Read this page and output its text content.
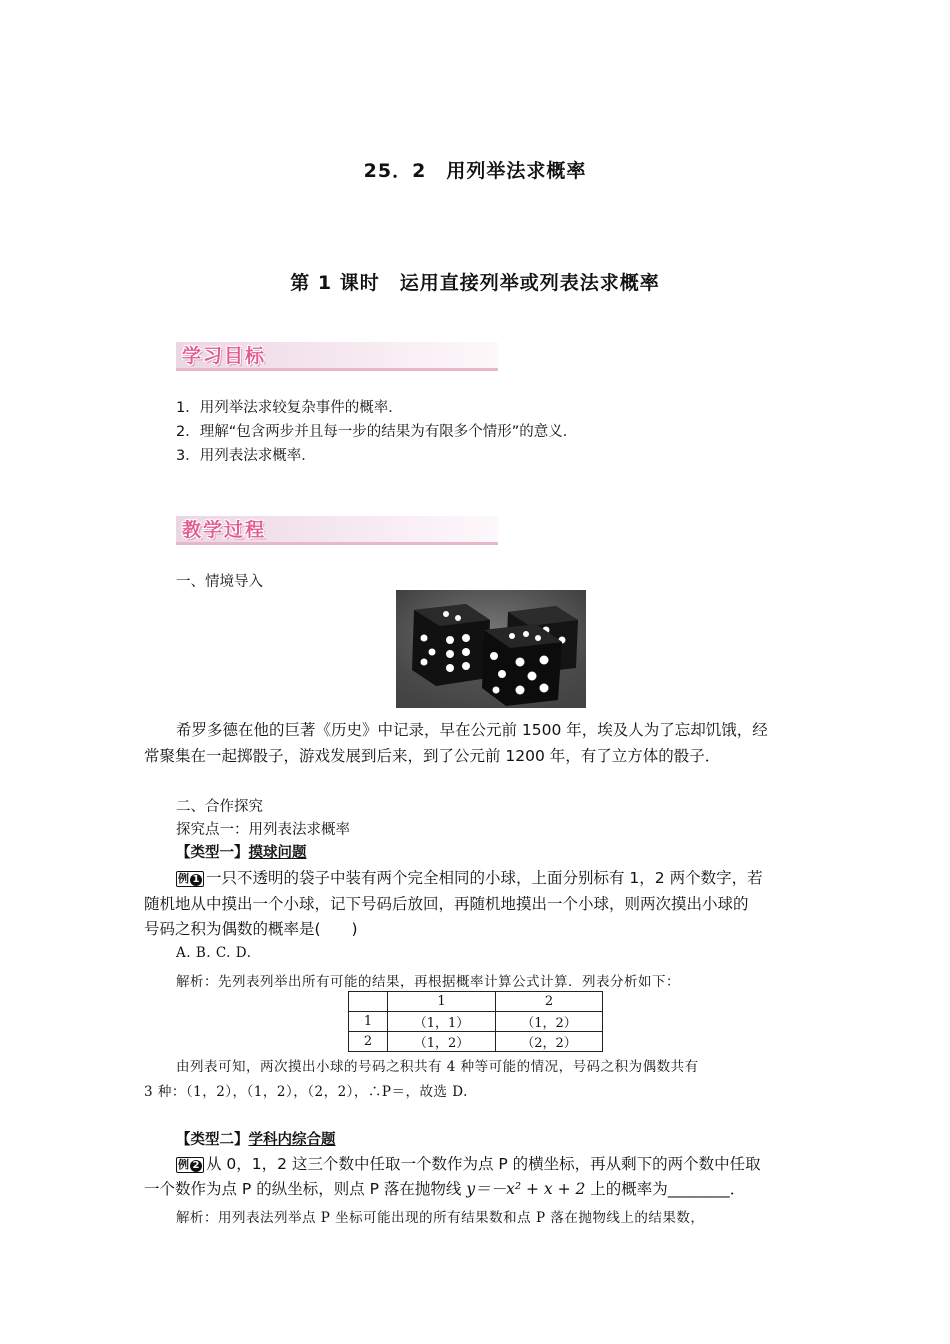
25．2　用列举法求概率
第 1 课时　运用直接列举或列表法求概率
学习目标
1．用列举法求较复杂事件的概率．
2．理解“包含两步并且每一步的结果为有限多个情形”的意义．
3．用列表法求概率．
教学过程
一、情境导入
希罗多德在他的巨著《历史》中记录，早在公元前 1500 年，埃及人为了忘却饥饿，经
常聚集在一起掷骰子，游戏发展到后来，到了公元前 1200 年，有了立方体的骰子．
二、合作探究
探究点一：用列表法求概率
【类型一】摸球问题
例 1 一只不透明的袋子中装有两个完全相同的小球，上面分别标有 1，2 两个数字，若
随机地从中摸出一个小球，记下号码后放回，再随机地摸出一个小球，则两次摸出小球的
号码之积为偶数的概率是(　　)
A. B. C. D.
解析：先列表列举出所有可能的结果，再根据概率计算公式计算．列表分析如下：
	1	2
1	（1，1）	（1，2）
2	（1，2）	（2，2）
由列表可知，两次摸出小球的号码之积共有 4 种等可能的情况，号码之积为偶数共有
3 种：（1，2），（1，2），（2，2），∴P＝，故选 D.
【类型二】学科内综合题
例 2 从 0，1，2 这三个数中任取一个数作为点 P 的横坐标，再从剩下的两个数中任取
一个数作为点 P 的纵坐标，则点 P 落在抛物线 y＝－x² + x + 2 上的概率为________．
解析：用列表法列举点 P 坐标可能出现的所有结果数和点 P 落在抛物线上的结果数，
